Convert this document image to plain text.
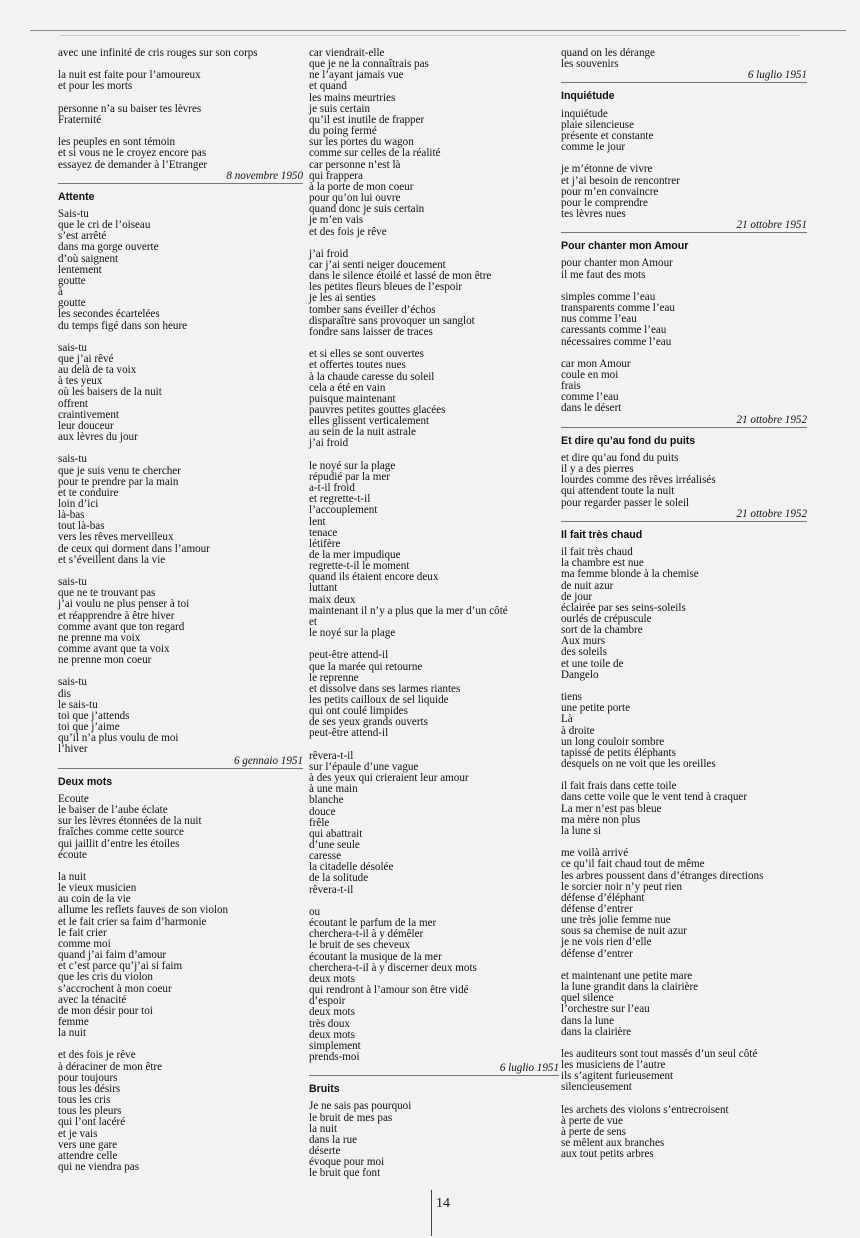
avec une infinité de cris rouges sur son corps
la nuit est faite pour l’amoureux
et pour les morts
personne n’a su baiser tes lèvres
Fraternité
les peuples en sont témoin
et si vous ne le croyez encore pas
essayez de demander à l’Etranger
8 novembre 1950
Attente
Sais-tu
que le cri de l’oiseau
s’est arrêté
dans ma gorge ouverte
d’où saignent
lentement
goutte
à
goutte
les secondes écartelées
du temps figé dans son heure
sais-tu
que j’ai rêvé
au delà de ta voix
à tes yeux
où les baisers de la nuit
offrent
craintivement
leur douceur
aux lèvres du jour
sais-tu
que je suis venu te chercher
pour te prendre par la main
et te conduire
loin d’ici
là-bas
tout là-bas
vers les rêves merveilleux
de ceux qui dorment dans l’amour
et s’éveillent dans la vie
sais-tu
que ne te trouvant pas
j’ai voulu ne plus penser à toi
et réapprendre à être hiver
comme avant que ton regard
ne prenne ma voix
comme avant que ta voix
ne prenne mon coeur
sais-tu
dis
le sais-tu
toi que j’attends
toi que j’aime
qu’il n’a plus voulu de moi
l’hiver
6 gennaio 1951
Deux mots
Ecoute
le baiser de l’aube éclate
sur les lèvres étonnées de la nuit
fraîches comme cette source
qui jaillit d’entre les étoiles
écoute
la nuit
le vieux musicien
au coin de la vie
allume les reflets fauves de son violon
et le fait crier sa faim d’harmonie
le fait crier
comme moi
quand j’ai faim d’amour
et c’est parce qu’j’ai si faim
que les cris du violon
s’accrochent à mon coeur
avec la ténacité
de mon désir pour toi
femme
la nuit
et des fois je rêve
à déraciner de mon être
pour toujours
tous les désirs
tous les cris
tous les pleurs
qui l’ont lacéré
et je vais
vers une gare
attendre celle
qui ne viendra pas
car viendrait-elle
que je ne la connaîtrais pas
ne l’ayant jamais vue
et quand
les mains meurtries
je suis certain
qu’il est inutile de frapper
du poing fermé
sur les portes du wagon
comme sur celles de la réalité
car personne n’est là
qui frappera
à la porte de mon coeur
pour qu’on lui ouvre
quand donc je suis certain
je m’en vais
et des fois je rêve
j’ai froid
car j’ai senti neiger doucement
dans le silence étoilé et lassé de mon être
les petites fleurs bleues de l’espoir
je les ai senties
tomber sans éveiller d’échos
disparaître sans provoquer un sanglot
fondre sans laisser de traces
et si elles se sont ouvertes
et offertes toutes nues
à la chaude caresse du soleil
cela a été en vain
puisque maintenant
pauvres petites gouttes glacées
elles glissent verticalement
au sein de la nuit astrale
j’ai froid
le noyé sur la plage
répudié par la mer
a-t-il froid
et regrette-t-il
l’accouplement
lent
tenace
létifère
de la mer impudique
regrette-t-il le moment
quand ils étaient encore deux
luttant
maix deux
maintenant il n’y a plus que la mer d’un côté
et
le noyé sur la plage
peut-être attend-il
que la marée qui retourne
le reprenne
et dissolve dans ses larmes riantes
les petits cailloux de sel liquide
qui ont coulé limpides
de ses yeux grands ouverts
peut-être attend-il
rêvera-t-il
sur l’épaule d’une vague
à des yeux qui crieraient leur amour
à une main
blanche
douce
frêle
qui abattrait
d’une seule
caresse
la citadelle désolée
de la solitude
rêvera-t-il
ou
écoutant le parfum de la mer
cherchera-t-il à y démêler
le bruit de ses cheveux
écoutant la musique de la mer
cherchera-t-il à y discerner deux mots
deux mots
qui rendront à l’amour son être vidé
d’espoir
deux mots
très doux
deux mots
simplement
prends-moi
6 luglio 1951
Bruits
Je ne sais pas pourquoi
le bruit de mes pas
la nuit
dans la rue
déserte
évoque pour moi
le bruit que font
quand on les dérange
les souvenirs
6 luglio 1951
Inquiétude
inquiétude
plaie silencieuse
présente et constante
comme le jour
je m’étonne de vivre
et j’ai besoin de rencontrer
pour m’en convaincre
pour le comprendre
tes lèvres nues
21 ottobre 1951
Pour chanter mon Amour
pour chanter mon Amour
il me faut des mots
simples comme l’eau
transparents comme l’eau
nus comme l’eau
caressants comme l’eau
nécessaires comme l’eau
car mon Amour
coule en moi
frais
comme l’eau
dans le désert
21 ottobre 1952
Et dire qu’au fond du puits
et dire qu’au fond du puits
il y a des pierres
lourdes comme des rêves irréalisés
qui attendent toute la nuit
pour regarder passer le soleil
21 ottobre 1952
Il fait très chaud
il fait très chaud
la chambre est nue
ma femme blonde à la chemise
de nuit azur
de jour
éclairée par ses seins-soleils
ourlés de crépuscule
sort de la chambre
Aux murs
des soleils
et une toile de
Dangelo
tiens
une petite porte
Là
à droite
un long couloir sombre
tapissé de petits éléphants
desquels on ne voit que les oreilles
il fait frais dans cette toile
dans cette voile que le vent tend à craquer
La mer n’est pas bleue
ma mère non plus
la lune si
me voilà arrivé
ce qu’il fait chaud tout de même
les arbres poussent dans d’étranges directions
le sorcier noir n’y peut rien
défense d’éléphant
défense d’entrer
une très jolie femme nue
sous sa chemise de nuit azur
je ne vois rien d’elle
défense d’entrer
et maintenant une petite mare
la lune grandit dans la clairière
quel silence
l’orchestre sur l’eau
dans la lune
dans la clairière
les auditeurs sont tout massés d’un seul côté
les musiciens de l’autre
ils s’agitent furieusement
silencieusement
les archets des violons s’entrecroisent
à perte de vue
à perte de sens
se mêlent aux branches
aux tout petits arbres
14
